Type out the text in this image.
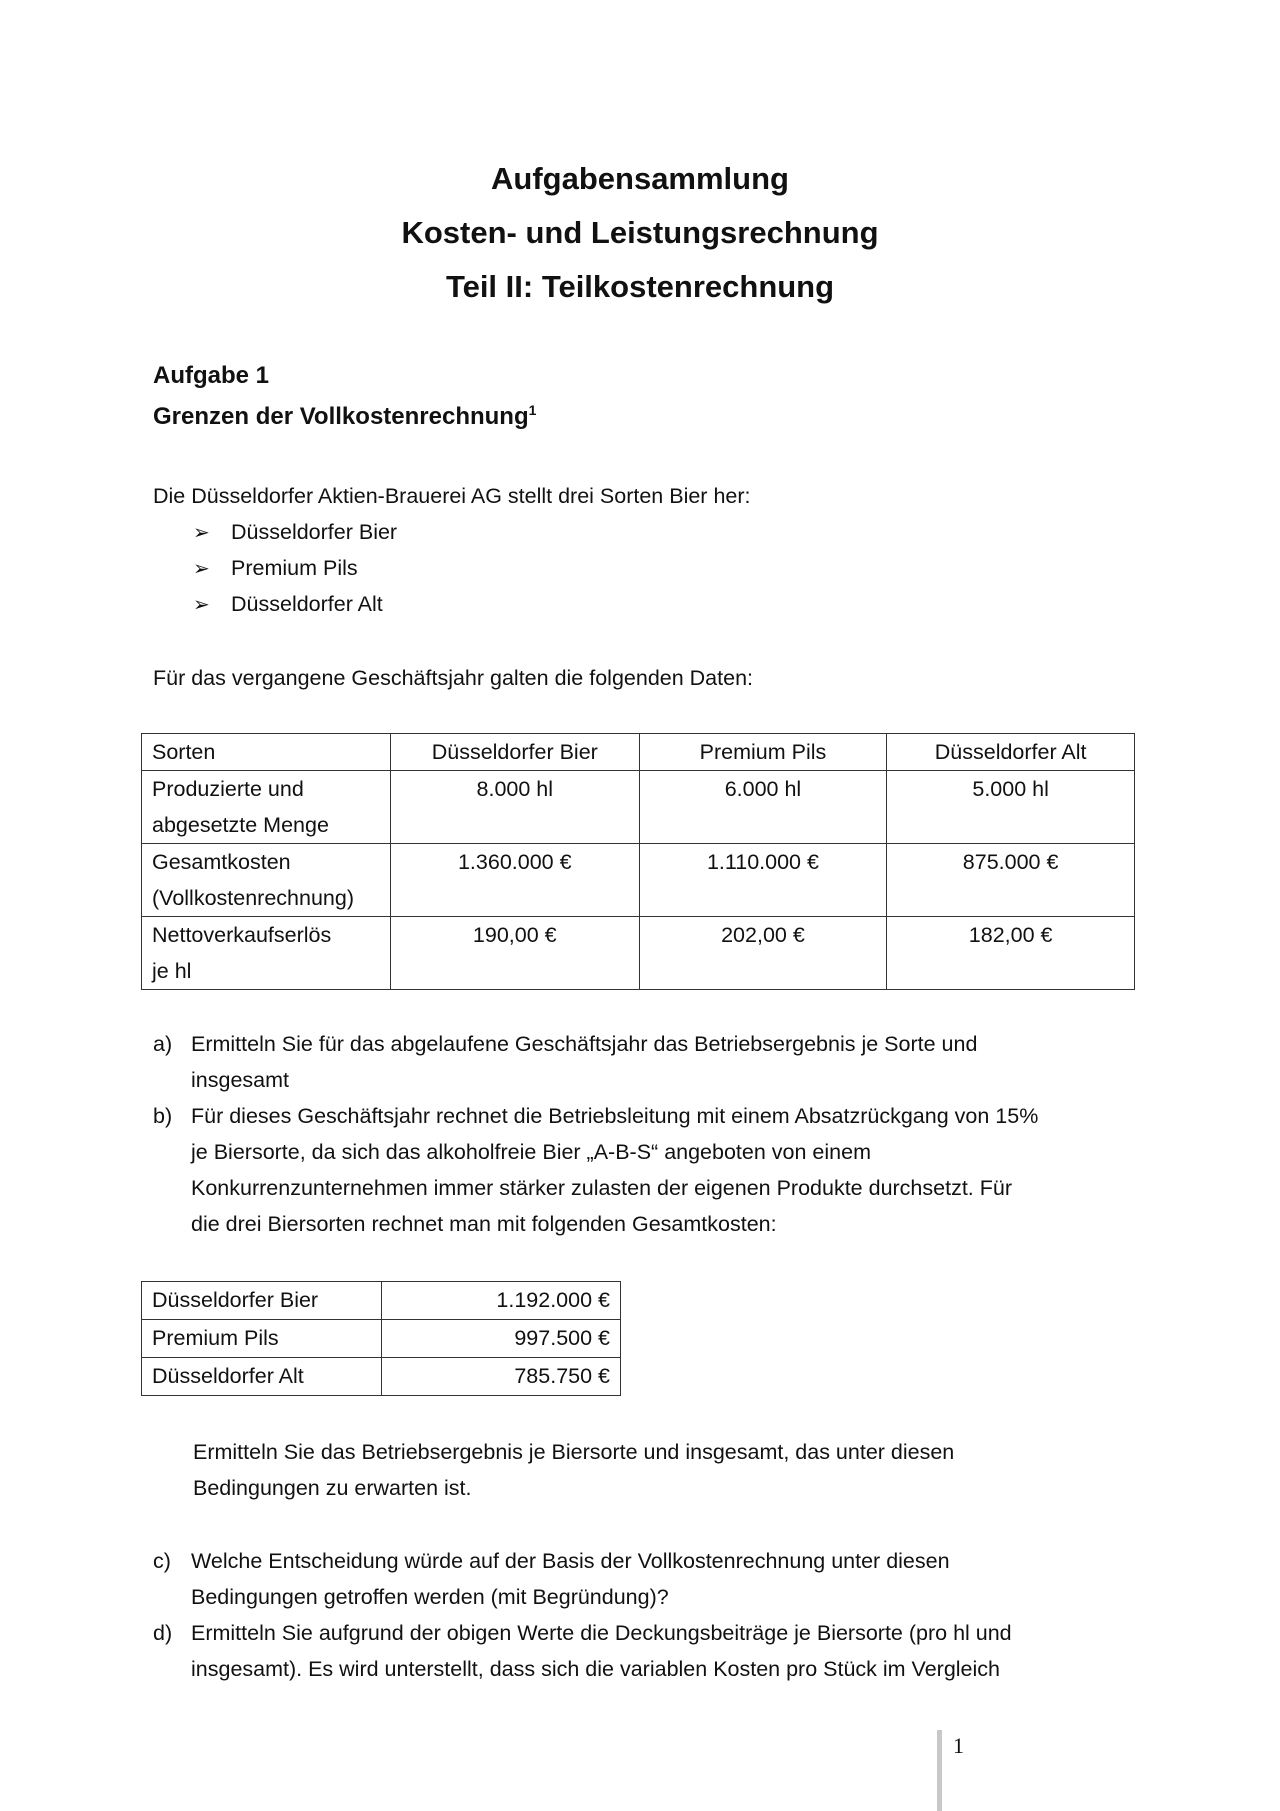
Aufgabensammlung
Kosten- und Leistungsrechnung
Teil II: Teilkostenrechnung
Aufgabe 1
Grenzen der Vollkostenrechnung$^1$
Die Düsseldorfer Aktien-Brauerei AG stellt drei Sorten Bier her:
➢ Düsseldorfer Bier
➢ Premium Pils
➢ Düsseldorfer Alt
Für das vergangene Geschäftsjahr galten die folgenden Daten:
Sorten	Düsseldorfer Bier	Premium Pils	Düsseldorfer Alt

Produzierte und
abgesetzte Menge	8.000 hl	6.000 hl	5.000 hl

Gesamtkosten
(Vollkostenrechnung)	1.360.000 €	1.110.000 €	875.000 €

Nettoverkaufserlös
je hl	190,00 €	202,00 €	182,00 €
a) Ermitteln Sie für das abgelaufene Geschäftsjahr das Betriebsergebnis je Sorte und
insgesamt
b) Für dieses Geschäftsjahr rechnet die Betriebsleitung mit einem Absatzrückgang von 15%
je Biersorte, da sich das alkoholfreie Bier „A-B-S“ angeboten von einem
Konkurrenzunternehmen immer stärker zulasten der eigenen Produkte durchsetzt. Für
die drei Biersorten rechnet man mit folgenden Gesamtkosten:
Düsseldorfer Bier	1.192.000 €
Premium Pils	997.500 €
Düsseldorfer Alt	785.750 €
Ermitteln Sie das Betriebsergebnis je Biersorte und insgesamt, das unter diesen
Bedingungen zu erwarten ist.
c) Welche Entscheidung würde auf der Basis der Vollkostenrechnung unter diesen
Bedingungen getroffen werden (mit Begründung)?
d) Ermitteln Sie aufgrund der obigen Werte die Deckungsbeiträge je Biersorte (pro hl und
insgesamt). Es wird unterstellt, dass sich die variablen Kosten pro Stück im Vergleich
1
